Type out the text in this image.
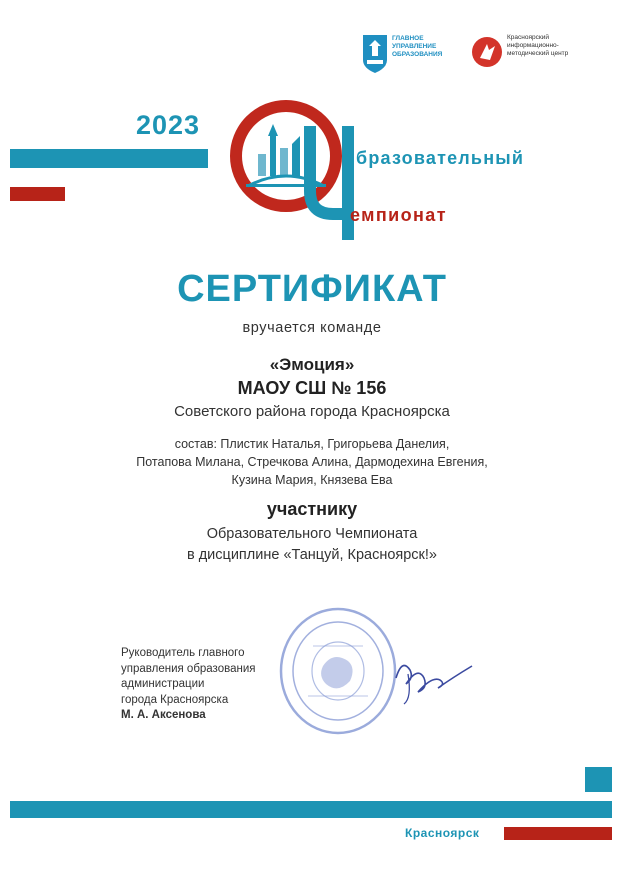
ГЛАВНОЕ
УПРАВЛЕНИЕ
ОБРАЗОВАНИЯ
Красноярский
информационно-
методический центр
2023
бразовательный
емпионат
СЕРТИФИКАТ
вручается команде
«Эмоция»
МАОУ СШ № 156
Советского района города Красноярска
состав: Плистик Наталья, Григорьева Данелия,
Потапова Милана, Стречкова Алина, Дармодехина Евгения,
Кузина Мария, Князева Ева
участнику
Образовательного Чемпионата
в дисциплине «Танцуй, Красноярск!»
Руководитель главного
управления образования
администрации
города Красноярска
М. А. Аксенова
Красноярск
